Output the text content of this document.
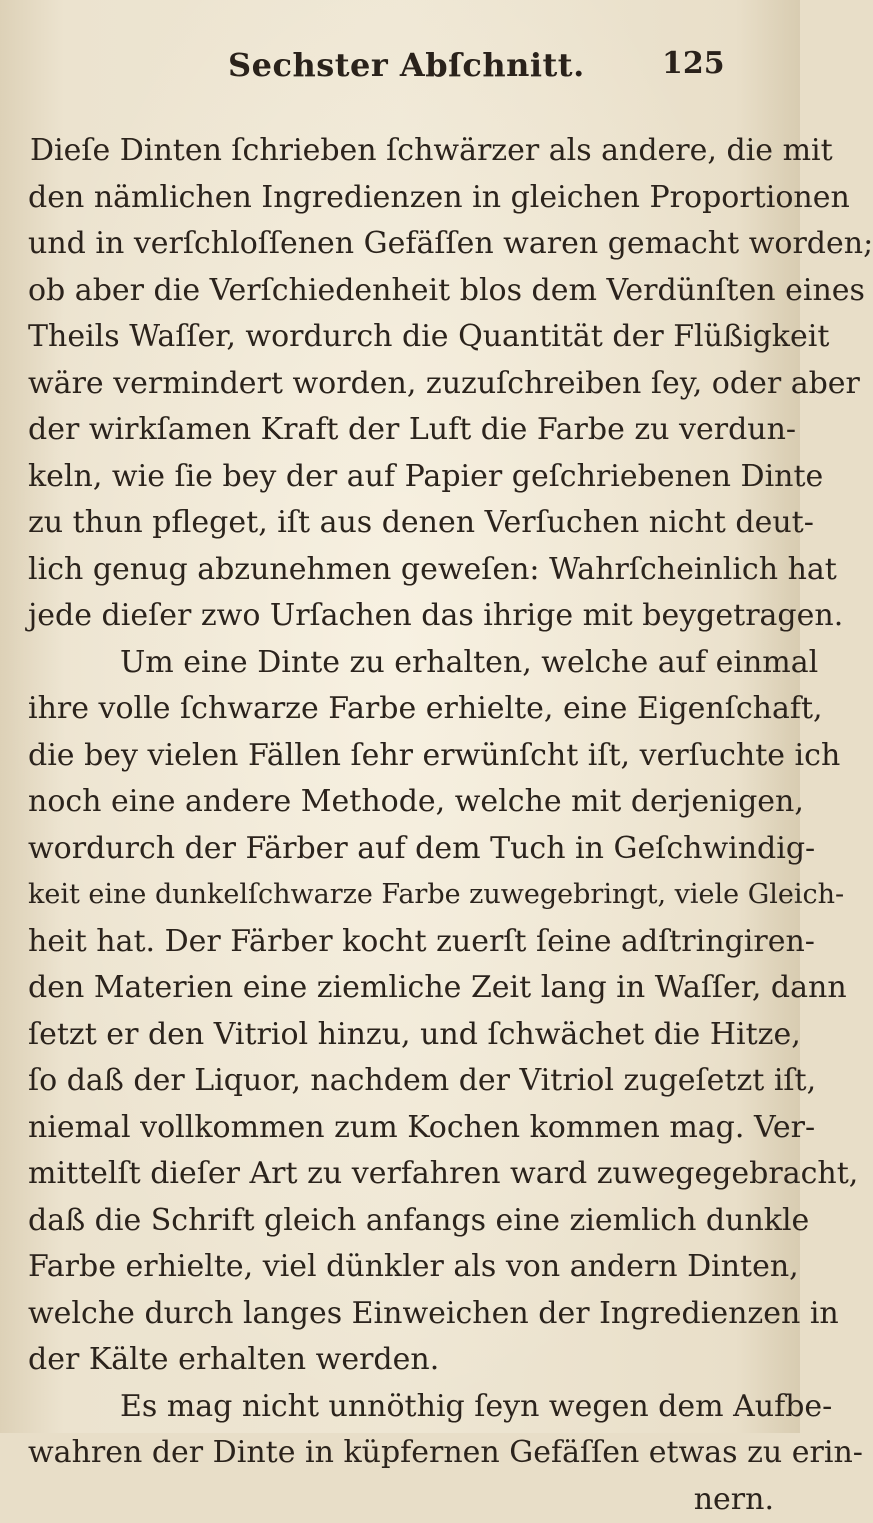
Sechster Abſchnitt.	125
Dieſe Dinten ſchrieben ſchwärzer als andere, die mit
den nämlichen Ingredienzen in gleichen Proportionen
und in verſchloſſenen Gefäſſen waren gemacht worden;
ob aber die Verſchiedenheit blos dem Verdünſten eines
Theils Waſſer, wordurch die Quantität der Flüßigkeit
wäre vermindert worden, zuzuſchreiben ſey, oder aber
der wirkſamen Kraft der Luft die Farbe zu verdun-
keln, wie ſie bey der auf Papier geſchriebenen Dinte
zu thun pfleget, iſt aus denen Verſuchen nicht deut-
lich genug abzunehmen geweſen: Wahrſcheinlich hat
jede dieſer zwo Urſachen das ihrige mit beygetragen.
Um eine Dinte zu erhalten, welche auf einmal
ihre volle ſchwarze Farbe erhielte, eine Eigenſchaft,
die bey vielen Fällen ſehr erwünſcht iſt, verſuchte ich
noch eine andere Methode, welche mit derjenigen,
wordurch der Färber auf dem Tuch in Geſchwindig-
keit eine dunkelſchwarze Farbe zuwegebringt, viele Gleich-
heit hat. Der Färber kocht zuerſt ſeine adſtringiren-
den Materien eine ziemliche Zeit lang in Waſſer, dann
ſetzt er den Vitriol hinzu, und ſchwächet die Hitze,
ſo daß der Liquor, nachdem der Vitriol zugeſetzt iſt,
niemal vollkommen zum Kochen kommen mag. Ver-
mittelſt dieſer Art zu verfahren ward zuwegegebracht,
daß die Schrift gleich anfangs eine ziemlich dunkle
Farbe erhielte, viel dünkler als von andern Dinten,
welche durch langes Einweichen der Ingredienzen in
der Kälte erhalten werden.
Es mag nicht unnöthig ſeyn wegen dem Aufbe-
wahren der Dinte in küpfernen Gefäſſen etwas zu erin-
nern.
